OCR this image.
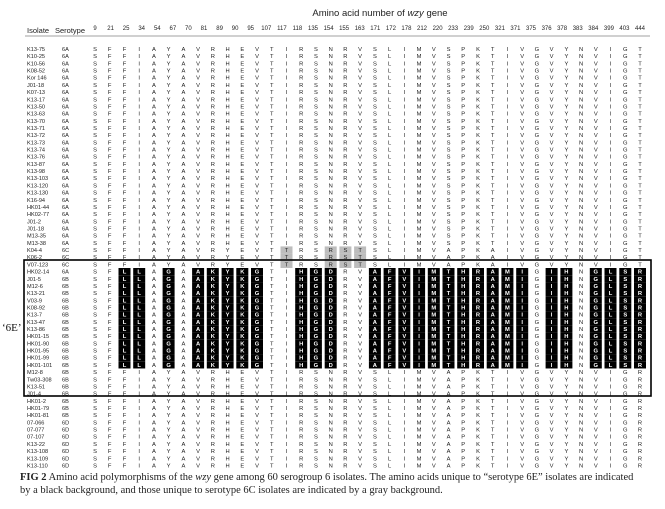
Amino acid number of wzy gene
Isolate Serotype 9 21 25 34 54 67 70 81 89 90 95 107 117 118 135 154 155 163 171 172 178 212 220 233 239 250 321 371 375 376 378 383 384 399 403 444
K13-75	6A	S F F I A Y A V R H E V T I R S N R V S L I M V S P K T I V G V Y N V I G T
K10-25	6A	S F F I A Y A V R H E V T I R S N R V S L I M V S P K T I V G V Y N V I G T
K10-56	6A	S F F I A Y A V R H E V T I R S N R V S L I M V S P K T I V G V Y N V I G T
K08-52	6A	S F F I A Y A V R H E V T I R S N R V S L I M V S P K T I V G V Y N V I G T
Kor 146	6A	S F F I A Y A V R H E V T I R S N R V S L I M V S P K T I V G V Y N V I G T
J01-18	6A	S F F I A Y A V R H E V T I R S N R V S L I M V S P K T I V G V Y N V I G T
K07-13	6A	S F F I A Y A V R H E V T I R S N R V S L I M V S P K T I V G V Y N V I G T
K13-17	6A	S F F I A Y A V R H E V T I R S N R V S L I M V S P K T I V G V Y N V I G T
K13-50	6A	S F F I A Y A V R H E V T I R S N R V S L I M V S P K T I V G V Y N V I G T
K13-63	6A	S F F I A Y A V R H E V T I R S N R V S L I M V S P K T I V G V Y N V I G T
K13-70	6A	S F F I A Y A V R H E V T I R S N R V S L I M V S P K T I V G V Y N V I G T
K13-71	6A	S F F I A Y A V R H E V T I R S N R V S L I M V S P K T I V G V Y N V I G T
K13-72	6A	S F F I A Y A V R H E V T I R S N R V S L I M V S P K T I V G V Y N V I G T
K13-73	6A	S F F I A Y A V R H E V T I R S N R V S L I M V S P K T I V G V Y N V I G T
K13-74	6A	S F F I A Y A V R H E V T I R S N R V S L I M V S P K T I V G V Y N V I G T
K13-76	6A	S F F I A Y A V R H E V T I R S N R V S L I M V S P K T I V G V Y N V I G T
K13-87	6A	S F F I A Y A V R H E V T I R S N R V S L I M V S P K T I V G V Y N V I G T
K13-98	6A	S F F I A Y A V R H E V T I R S N R V S L I M V S P K T I V G V Y N V I G T
K13-103 6A	S F F I A Y A V R H E V T I R S N R V S L I M V S P K T I V G V Y N V I G T
K13-120 6A	S F F I A Y A V R H E V T I R S N R V S L I M V S P K T I V G V Y N V I G T
K13-130 6A	S F F I A Y A V R H E V T I R S N R V S L I M V S P K T I V G V Y N V I G T
K16-94	6A	S F F I A Y A V R H E V T I R S N R V S L I M V S P K T I V G V Y N V I G T
HK01-44 6A	S F F I A Y A V R H E V T I R S N R V S L I M V S P K T I V G V Y N V I G T
HK02-77 6A	S F F I A Y A V R H E V T I R S N R V S L I M V S P K T I V G V Y N V I G T
J01-2	6A	S F F I A Y A V R H E V T I R S N R V S L I M V S P K T I V G V Y N V I G T
J01-18	6A	S F F I A Y A V R H E V T I R S N R V S L I M V S P K T I V G V Y N V I G T
M13-35	6A	S F F I A Y A V R H E V T I R S N R V S L I M V S P K T I V G V Y N V I G T
M13-38	6A	S F F I A Y A V R H E V T I R S N R V S L I M V S P K T I V G V Y N V I G T
K04-4	6C	S F F I A Y A V R Y E V T T R S R S T S L I M V A P K A I V G V Y N V I G T
K06-2	6C	S F F I A Y A V R Y E V T T R S R S T S L I M V A P K A I V G V Y N V I G T
V07-123 6C	S F F I A Y A V R Y E V T T R S R S T S L I M V A P K A I V G V Y N V I G T
HK02-14 6A	S F L L A G A A K Y K G T I H G D R V A F V I M T H R A M I G I H N G L S R
J01-5	6B	S F L L A G A A K Y K G T I H G D R V A F V I M T H R A M I G I H N G L S R
M12-6	6B	S F L L A G A A K Y K G T I H G D R V A F V I M T H R A M I G I H N G L S R
K13-21	6B	S F L L A G A A K Y K G T I H G D R V A F V I M T H R A M I G I H N G L S R
V03-9	6B	S F L L A G A A K Y K G T I H G D R V A F V I M T H R A M I G I H N G L S R
K08-92	6B	S F L L A G A A K Y K G T I H G D R V A F V I M T H R A M I G I H N G L S R
K13-7	6B	S F L L A G A A K Y K G T I H G D R V A F V I M T H R A M I G I H N G L S R
K13-47	6B	S F L L A G A A K Y K G T I H G D R V A F V I M T H R A M I G I H N G L S R
K13-86	6B	S F L L A G A A K Y K G T I H G D R V A F V I M T H R A M I G I H N G L S R
HK01-15 6B	S F L L A G A A K Y K G T I H G D R V A F V I M T H R A M I G I H N G L S R
HK01-90 6B	S F L L A G A A K Y K G T I H G D R V A F V I M T H R A M I G I H N G L S R
HK01-95 6B	S F L L A G A A K Y K G T I H G D R V A F V I M T H R A M I G I H N G L S R
HK01-99 6B	S F L L A G A A K Y K G T I H G D R V A F V I M T H R A M I G I H N G L S R
HK01-101 6B	S F L L A G A A K Y K G T I H G D R V A F V I M T H R A M I G I H N G L S R
M12-8	6B	S F F I A Y A V R H E V T I R S N R V S L I M V A P K T I V G V Y N V I G R
Tw03-308 6B	S F F I A Y A V R H E V T I R S N R V S L I M V A P K T I V G V Y N V I G R
K13-51	6B	S F F I A Y A V R H E V T I R S N R V S L I M V A P K T I V G V Y N V I G R
J01-4	6B	S F F I A Y A V R H E V T I R S N R V S L I M V A P K T I V G V Y N V I G R
HK01-2	6B	S F F I A Y A V R H E V T I R S N R V S L I M V A P K T I V G V Y N V I G R
HK01-79 6B	S F F I A Y A V R H E V T I R S N R V S L I M V A P K T I V G V Y N V I G R
HK01-81 6B	S F F I A Y A V R H E V T I R S N R V S L I M V A P K T I V G V Y N V I G R
07-066	6D	S F F I A Y A V R H E V T I R S N R V S L I M V A P K T I V G V Y N V I G R
07-077	6D	S F F I A Y A V R H E V T I R S N R V S L I M V A P K T I V G V Y N V I G R
07-107	6D	S F F I A Y A V R H E V T I R S N R V S L I M V A P K T I V G V Y N V I G R
K13-22	6D	S F F I A Y A V R H E V T I R S N R V S L I M V A P K T I V G V Y N V I G R
K13-108 6D	S F F I A Y A V R H E V T I R S N R V S L I M V A P K T I V G V Y N V I G R
K13-109 6D	S F F I A Y A V R H E V T I R S N R V S L I M V A P K T I V G V Y N V I G R
K13-110	6D	S F F I A Y A V R H E V T I R S N R V S L I M V A P K T I V G V Y N V I G R
‘6E’
FIG 2 Amino acid polymorphisms of the wzy gene among 60 serogroup 6 isolates. The amino acids unique to “serotype 6E” isolates are indicated by a black background, and those unique to serotype 6C isolates are indicated by a gray background.
